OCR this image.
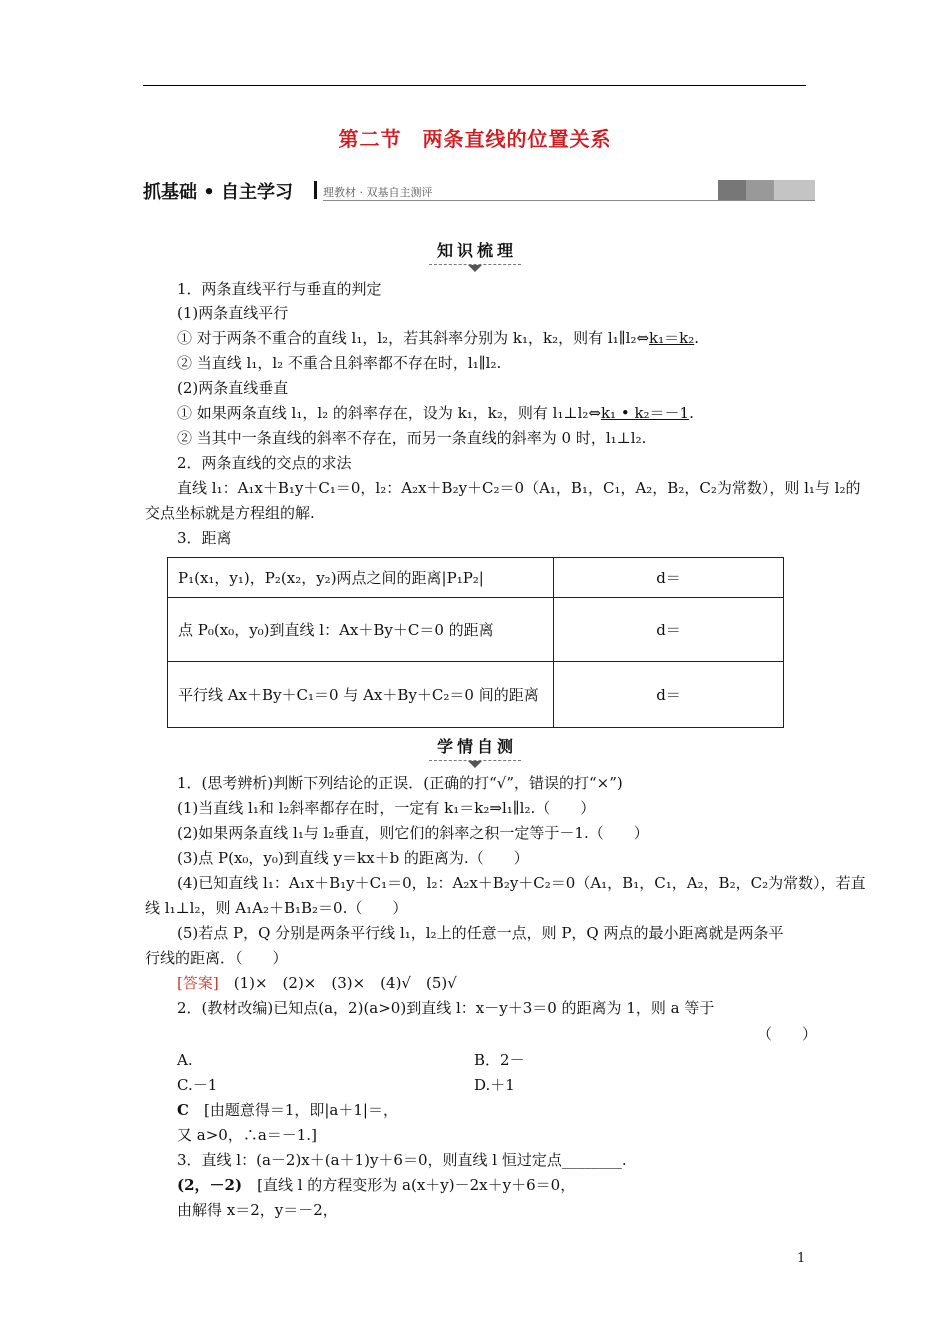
第二节　两条直线的位置关系
抓基础 • 自主学习	理教材 · 双基自主测评
知识梳理
1．两条直线平行与垂直的判定
(1)两条直线平行
① 对于两条不重合的直线 l₁，l₂，若其斜率分别为 k₁，k₂，则有 l₁∥l₂⇔k₁＝k₂.
② 当直线 l₁，l₂ 不重合且斜率都不存在时，l₁∥l₂.
(2)两条直线垂直
① 如果两条直线 l₁，l₂ 的斜率存在，设为 k₁，k₂，则有 l₁⊥l₂⇔k₁ • k₂＝－1.
② 当其中一条直线的斜率不存在，而另一条直线的斜率为 0 时，l₁⊥l₂.
2．两条直线的交点的求法
直线 l₁：A₁x＋B₁y＋C₁＝0，l₂：A₂x＋B₂y＋C₂＝0（A₁，B₁，C₁，A₂，B₂，C₂为常数），则 l₁与 l₂的
交点坐标就是方程组的解.
3．距离
P₁(x₁，y₁)，P₂(x₂，y₂)两点之间的距离|P₁P₂|	d＝
点 P₀(x₀，y₀)到直线 l：Ax＋By＋C＝0 的距离	d＝
平行线 Ax＋By＋C₁＝0 与 Ax＋By＋C₂＝0 间的距离	d＝
学情自测
1．(思考辨析)判断下列结论的正误．(正确的打“√”，错误的打“×”)
(1)当直线 l₁和 l₂斜率都存在时，一定有 k₁＝k₂⇒l₁∥l₂.（　　）
(2)如果两条直线 l₁与 l₂垂直，则它们的斜率之积一定等于－1.（　　）
(3)点 P(x₀，y₀)到直线 y＝kx＋b 的距离为.（　　）
(4)已知直线 l₁：A₁x＋B₁y＋C₁＝0，l₂：A₂x＋B₂y＋C₂＝0（A₁，B₁，C₁，A₂，B₂，C₂为常数），若直
线 l₁⊥l₂，则 A₁A₂＋B₁B₂＝0.（　　）
(5)若点 P，Q 分别是两条平行线 l₁，l₂上的任意一点，则 P，Q 两点的最小距离就是两条平
行线的距离．（　　）
[答案]　 (1)×　(2)×　(3)×　(4)√　(5)√
2．(教材改编)已知点(a，2)(a>0)到直线 l：x－y＋3＝0 的距离为 1，则 a 等于
（　　）
A.	B．2－
C.－1	D.＋1
C　 [由题意得＝1，即|a＋1|＝，
又 a>0，∴a＝－1.]
3．直线 l：(a－2)x＋(a＋1)y＋6＝0，则直线 l 恒过定点________.
(2，－2)　 [直线 l 的方程变形为 a(x＋y)－2x＋y＋6＝0，
由解得 x＝2，y＝－2，
1
